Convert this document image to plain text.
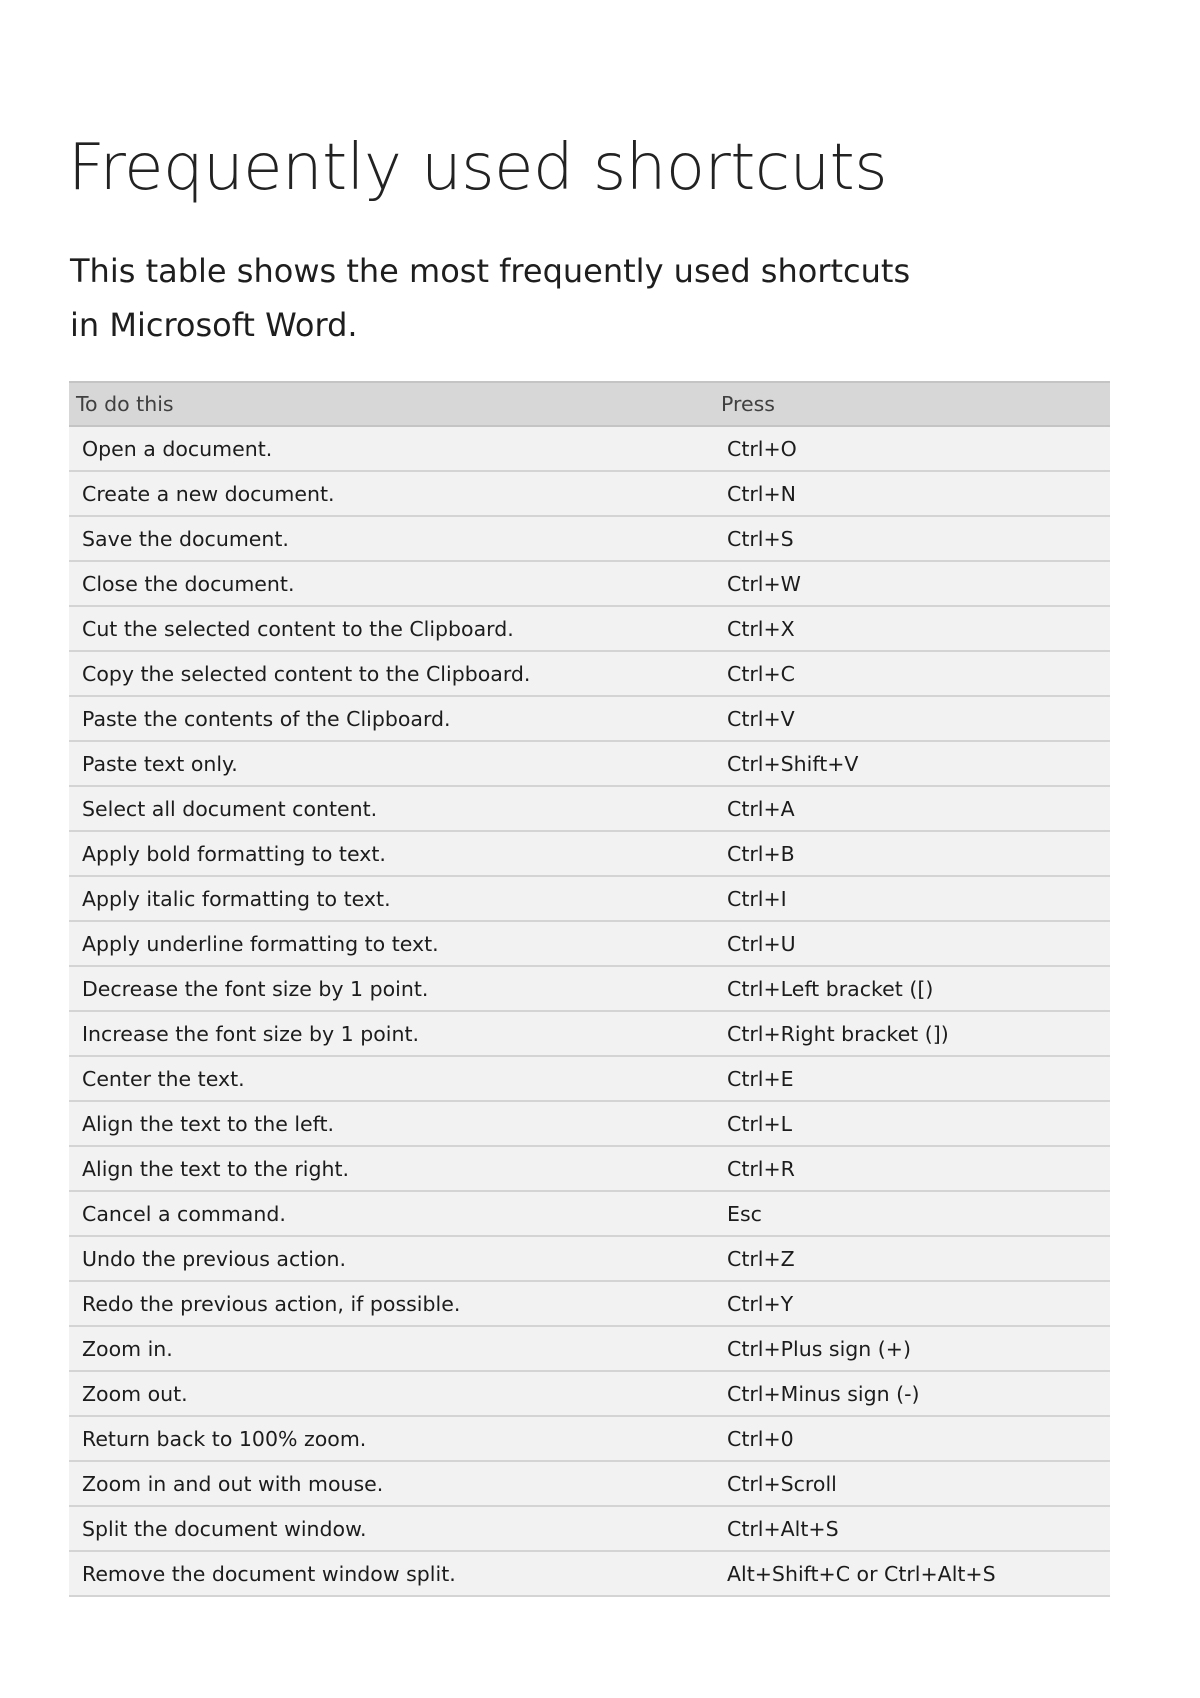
Frequently used shortcuts

This table shows the most frequently used shortcuts
in Microsoft Word.

To do this	Press
Open a document.	Ctrl+O
Create a new document.	Ctrl+N
Save the document.	Ctrl+S
Close the document.	Ctrl+W
Cut the selected content to the Clipboard.	Ctrl+X
Copy the selected content to the Clipboard.	Ctrl+C
Paste the contents of the Clipboard.	Ctrl+V
Paste text only.	Ctrl+Shift+V
Select all document content.	Ctrl+A
Apply bold formatting to text.	Ctrl+B
Apply italic formatting to text.	Ctrl+I
Apply underline formatting to text.	Ctrl+U
Decrease the font size by 1 point.	Ctrl+Left bracket ([)
Increase the font size by 1 point.	Ctrl+Right bracket (])
Center the text.	Ctrl+E
Align the text to the left.	Ctrl+L
Align the text to the right.	Ctrl+R
Cancel a command.	Esc
Undo the previous action.	Ctrl+Z
Redo the previous action, if possible.	Ctrl+Y
Zoom in.	Ctrl+Plus sign (+)
Zoom out.	Ctrl+Minus sign (-)
Return back to 100% zoom.	Ctrl+0
Zoom in and out with mouse.	Ctrl+Scroll
Split the document window.	Ctrl+Alt+S
Remove the document window split.	Alt+Shift+C or Ctrl+Alt+S
